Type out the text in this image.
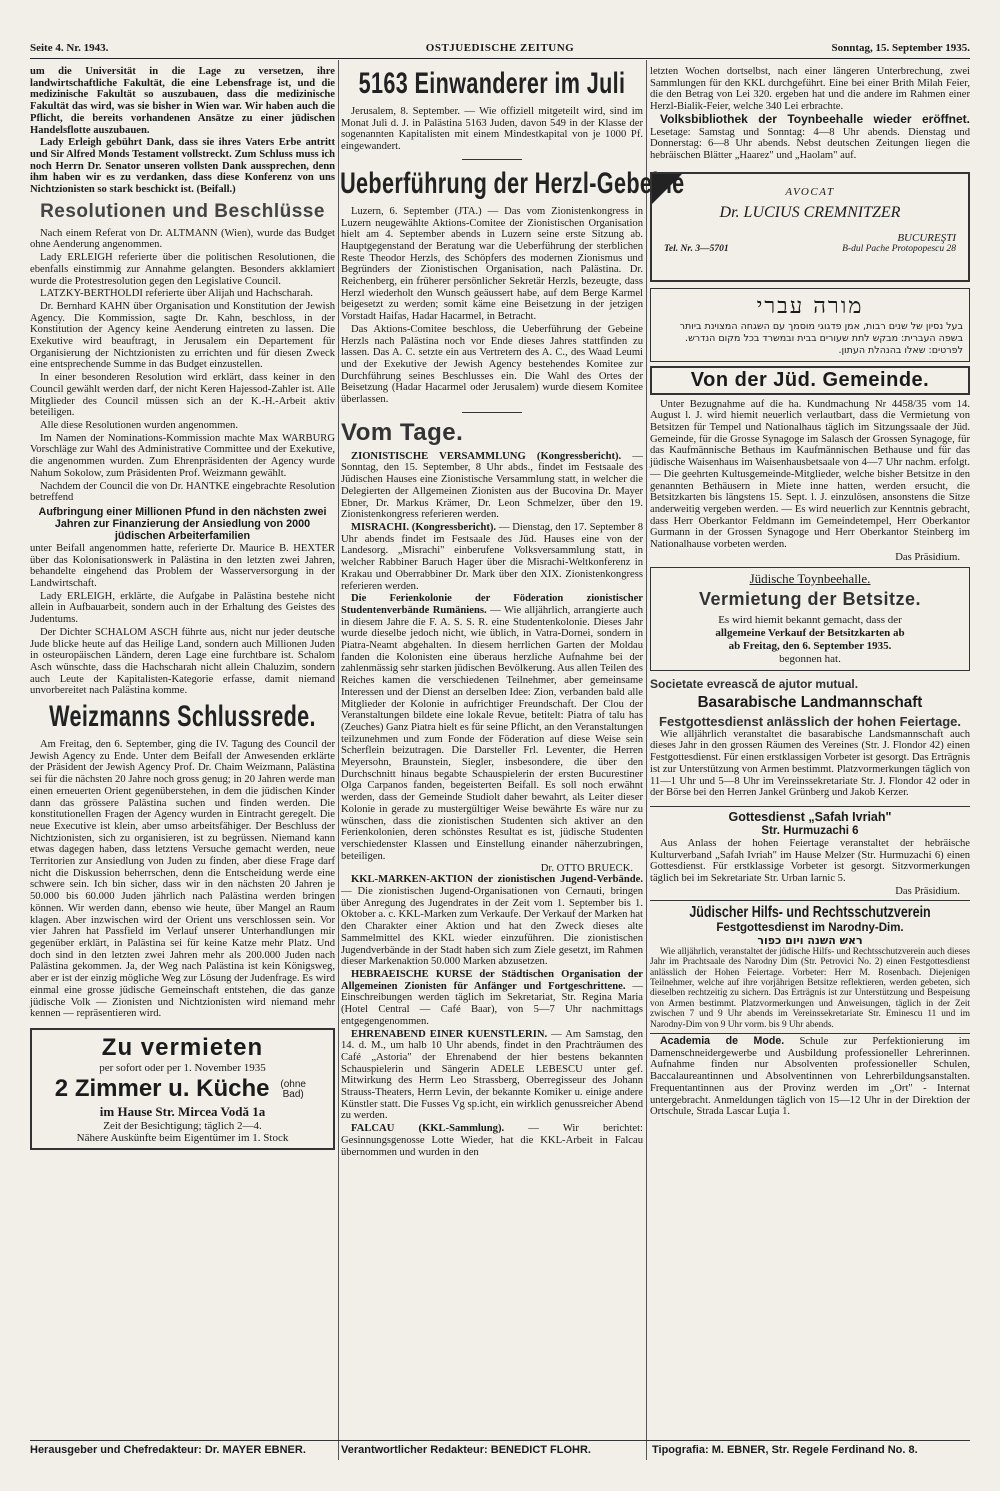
Seite 4. Nr. 1943.	OSTJUEDISCHE ZEITUNG	Sonntag, 15. September 1935.

um die Universität in die Lage zu versetzen, ihre landwirtschaftliche Fakultät, die eine Lebensfrage ist, und die medizinische Fakultät so auszubauen, dass die medizinische Fakultät das wird, was sie bisher in Wien war. Wir haben auch die Pflicht, die bereits vorhandenen Ansätze zu einer jüdischen Handelsflotte auszubauen.

Lady Erleigh gebührt Dank, dass sie ihres Vaters Erbe antritt und Sir Alfred Monds Testament vollstreckt. Zum Schluss muss ich noch Herrn Dr. Senator unseren vollsten Dank aussprechen, denn ihm haben wir es zu verdanken, dass diese Konferenz von uns Nichtzionisten so stark beschickt ist. (Beifall.)

Resolutionen und Beschlüsse

Nach einem Referat von Dr. ALTMANN (Wien), wurde das Budget ohne Aenderung angenommen.

Lady ERLEIGH referierte über die politischen Resolutionen, die ebenfalls einstimmig zur Annahme gelangten. Besonders akklamiert wurde die Protestresolution gegen den Legislative Council.

LATZKY-BERTHOLDI referierte über Alijah und Hachscharah.

Dr. Bernhard KAHN über Organisation und Konstitution der Jewish Agency. Die Kommission, sagte Dr. Kahn, beschloss, in der Konstitution der Agency keine Aenderung eintreten zu lassen. Die Exekutive wird beauftragt, in Jerusalem ein Departement für Organisierung der Nichtzionisten zu errichten und für diesen Zweck eine entsprechende Summe in das Budget einzustellen.

In einer besonderen Resolution wird erklärt, dass keiner in den Council gewählt werden darf, der nicht Keren Hajessod-Zahler ist. Alle Mitglieder des Council müssen sich an der K.-H.-Arbeit aktiv beteiligen.

Alle diese Resolutionen wurden angenommen.

Im Namen der Nominations-Kommission machte Max WARBURG Vorschläge zur Wahl des Administrative Committee und der Exekutive, die angenommen wurden. Zum Ehrenpräsidenten der Agency wurde Nahum Sokolow, zum Präsidenten Prof. Weizmann gewählt.

Nachdem der Council die von Dr. HANTKE eingebrachte Resolution betreffend

Aufbringung einer Millionen Pfund in den nächsten zwei Jahren zur Finanzierung der Ansiedlung von 2000 jüdischen Arbeiterfamilien

unter Beifall angenommen hatte, referierte Dr. Maurice B. HEXTER über das Kolonisationswerk in Palästina in den letzten zwei Jahren, behandelte eingehend das Problem der Wasserversorgung in der Landwirtschaft.

Lady ERLEIGH, erklärte, die Aufgabe in Palästina bestehe nicht allein in Aufbauarbeit, sondern auch in der Erhaltung des Geistes des Judentums.

Der Dichter SCHALOM ASCH führte aus, nicht nur jeder deutsche Jude blicke heute auf das Heilige Land, sondern auch Millionen Juden in osteuropäischen Ländern, deren Lage eine furchtbare ist. Schalom Asch wünschte, dass die Hachscharah nicht allein Chaluzim, sondern auch Leute der Kapitalisten-Kategorie erfasse, damit niemand unvorbereitet nach Palästina komme.

Weizmanns Schlussrede.

Am Freitag, den 6. September, ging die IV. Tagung des Council der Jewish Agency zu Ende. Unter dem Beifall der Anwesenden erklärte der Präsident der Jewish Agency Prof. Dr. Chaim Weizmann, Palästina sei für die nächsten 20 Jahre noch gross genug; in 20 Jahren werde man einen erneuerten Orient gegenüberstehen, in dem die jüdischen Kinder dann das grössere Palästina suchen und finden werden. Die konstitutionellen Fragen der Agency wurden in Eintracht geregelt. Die neue Executive ist klein, aber umso arbeitsfähiger. Der Beschluss der Nichtzionisten, sich zu organisieren, ist zu begrüssen. Niemand kann etwas dagegen haben, dass letztens Versuche gemacht werden, neue Territorien zur Ansiedlung von Juden zu finden, aber diese Frage darf nicht die Diskussion beherrschen, denn die Entscheidung werde eine schwere sein. Ich bin sicher, dass wir in den nächsten 20 Jahren je 50.000 bis 60.000 Juden jährlich nach Palästina werden bringen können. Wir werden dann, ebenso wie heute, über Mangel an Raum klagen. Aber inzwischen wird der Orient uns verschlossen sein. Vor vier Jahren hat Passfield im Verlauf unserer Unterhandlungen mir gegenüber erklärt, in Palästina sei für keine Katze mehr Platz. Und doch sind in den letzten zwei Jahren mehr als 200.000 Juden nach Palästina gekommen. Ja, der Weg nach Palästina ist kein Königsweg, aber er ist der einzig mögliche Weg zur Lösung der Judenfrage. Es wird einmal eine grosse jüdische Gemeinschaft entstehen, die das ganze jüdische Volk — Zionisten und Nichtzionisten wird niemand mehr kennen — repräsentieren wird.

Zu vermieten
per sofort oder per 1. November 1935
2 Zimmer u. Küche (ohne Bad)
im Hause Str. Mircea Vodă 1a
Zeit der Besichtigung; täglich 2—4.
Nähere Auskünfte beim Eigentümer im 1. Stock
5163 Einwanderer im Juli

Jerusalem, 8. September. — Wie offiziell mitgeteilt wird, sind im Monat Juli d. J. in Palästina 5163 Juden, davon 549 in der Klasse der sogenannten Kapitalisten mit einem Mindestkapital von je 1000 Pf. eingewandert.

Ueberführung der Herzl-Gebeine

Luzern, 6. September (JTA.) — Das vom Zionistenkongress in Luzern neugewählte Aktions-Comitee der Zionistischen Organisation hielt am 4. September abends in Luzern seine erste Sitzung ab. Hauptgegenstand der Beratung war die Ueberführung der sterblichen Reste Theodor Herzls, des Schöpfers des modernen Zionismus und Begründers der Zionistischen Organisation, nach Palästina. Dr. Reichenberg, ein früherer persönlicher Sekretär Herzls, bezeugte, dass Herzl wiederholt den Wunsch geäussert habe, auf dem Berge Karmel beigesetzt zu werden; somit käme eine Beisetzung in der jetzigen Vorstadt Haifas, Hadar Hacarmel, in Betracht.

Das Aktions-Comitee beschloss, die Ueberführung der Gebeine Herzls nach Palästina noch vor Ende dieses Jahres stattfinden zu lassen. Das A. C. setzte ein aus Vertretern des A. C., des Waad Leumi und der Exekutive der Jewish Agency bestehendes Komitee zur Durchführung seines Beschlusses ein. Die Wahl des Ortes der Beisetzung (Hadar Hacarmel oder Jerusalem) wurde diesem Komitee überlassen.

Vom Tage.

ZIONISTISCHE VERSAMMLUNG (Kongressbericht). — Sonntag, den 15. September, 8 Uhr abds., findet im Festsaale des Jüdischen Hauses eine Zionistische Versammlung statt, in welcher die Delegierten der Allgemeinen Zionisten aus der Bucovina Dr. Mayer Ebner, Dr. Markus Krämer, Dr. Leon Schmelzer, über den 19. Zionistenkongress referieren werden.

MISRACHI. (Kongressbericht). — Dienstag, den 17. September 8 Uhr abends findet im Festsaale des Jüd. Hauses eine von der Landesorg. „Misrachi" einberufene Volksversammlung statt, in welcher Rabbiner Baruch Hager über die Misrachi-Weltkonferenz in Krakau und Oberrabbiner Dr. Mark über den XIX. Zionistenkongress referieren werden.

Die Ferienkolonie der Föderation zionistischer Studentenverbände Rumäniens. — Wie alljährlich, arrangierte auch in diesem Jahre die F. A. S. S. R. eine Studentenkolonie. Dieses Jahr wurde dieselbe jedoch nicht, wie üblich, in Vatra-Dornei, sondern in Piatra-Neamt abgehalten. In diesem herrlichen Garten der Moldau fanden die Kolonisten eine überaus herzliche Aufnahme bei der zahlenmässig sehr starken jüdischen Bevölkerung. Aus allen Teilen des Reiches kamen die verschiedenen Teilnehmer, aber gemeinsame Interessen und der Dienst an derselben Idee: Zion, verbanden bald alle Mitglieder der Kolonie in aufrichtiger Freundschaft. Der Clou der Veranstaltungen bildete eine lokale Revue, betitelt: Piatra of talu has (Zeuches) Ganz Piatra hielt es für seine Pflicht, an den Veranstaltungen teilzunehmen und zum Fonde der Föderation auf diese Weise sein Scherflein beizutragen. Die Darsteller Frl. Leventer, die Herren Meyersohn, Braunstein, Siegler, insbesondere, die über den Durchschnitt hinaus begabte Schauspielerin der ersten Bucurestiner Olga Carpanos fanden, begeisterten Beifall. Es soll noch erwähnt werden, dass der Gemeinde Studiolt daher bewahrt, als Leiter dieser Kolonie in gerade zu mustergültiger Weise bewährte Es wäre nur zu wünschen, dass die zionistischen Studenten sich aktiver an den Ferienkolonien, deren schönstes Resultat es ist, jüdische Studenten verschiedenster Klassen und Einstellung einander näherzubringen, beteiligen.

Dr. OTTO BRUECK.

KKL-MARKEN-AKTION der zionistischen Jugend-Verbände. — Die zionistischen Jugend-Organisationen von Cernauti, bringen über Anregung des Jugendrates in der Zeit vom 1. September bis 1. Oktober a. c. KKL-Marken zum Verkaufe. Der Verkauf der Marken hat den Charakter einer Aktion und hat den Zweck dieses alte Sammelmittel des KKL wieder einzuführen. Die zionistischen Jugendverbände in der Stadt haben sich zum Ziele gesetzt, im Rahmen dieser Markenaktion 50.000 Marken abzusetzen.

HEBRAEISCHE KURSE der Städtischen Organisation der Allgemeinen Zionisten für Anfänger und Fortgeschrittene. — Einschreibungen werden täglich im Sekretariat, Str. Regina Maria (Hotel Central — Café Baar), von 5—7 Uhr nachmittags entgegengenommen.

EHRENABEND EINER KUENSTLERIN. — Am Samstag, den 14. d. M., um halb 10 Uhr abends, findet in den Prachträumen des Café „Astoria" der Ehrenabend der hier bestens bekannten Schauspielerin und Sängerin ADELE LEBESCU unter gef. Mitwirkung des Herrn Leo Strassberg, Oberregisseur des Johann Strauss-Theaters, Herrn Levin, der bekannte Komiker u. einige andere Künstler statt. Die Fusses Vg sp.icht, ein wirklich genussreicher Abend zu werden.

FALCAU (KKL-Sammlung). — Wir berichtet: Gesinnungsgenosse Lotte Wieder, hat die KKL-Arbeit in Falcau übernommen und wurden in den

letzten Wochen dortselbst, nach einer längeren Unterbrechung, zwei Sammlungen für den KKL durchgeführt. Eine bei einer Brith Milah Feier, die den Betrag von Lei 320. ergeben hat und die andere im Rahmen einer Herzl-Bialik-Feier, welche 340 Lei erbrachte.

Volksbibliothek der Toynbeehalle wieder eröffnet. Lesetage: Samstag und Sonntag: 4—8 Uhr abends. Dienstag und Donnerstag: 6—8 Uhr abends. Nebst deutschen Zeitungen liegen die hebräischen Blätter „Haarez" und „Haolam" auf.

AVOCAT
Dr. LUCIUS CREMNITZER
BUCUREŞTI
B-dul Pache Protopopescu 28
Tel. Nr. 3—5701
מורה עברי
בעל נסיון של שנים רבות, אמן פדגוגי מוסמך עם השגחה המצוינת ביותר בשפה העברית: מבקש לתת שעורים בבית ובמשרד בכל מקום הנדרש. לפרטים: שאלו בהנהלת העתון.
Von der Jüd. Gemeinde.

Unter Bezugnahme auf die ha. Kundmachung Nr 4458/35 vom 14. August l. J. wird hiemit neuerlich verlautbart, dass die Vermietung von Betsitzen für Tempel und Nationalhaus täglich im Sitzungssaale der Jüd. Gemeinde, für die Grosse Synagoge im Salasch der Grossen Synagoge, für das Kaufmännische Bethaus im Kaufmännischen Bethause und für das jüdische Waisenhaus im Waisenhausbetsaale von 4—7 Uhr nachm. erfolgt. — Die geehrten Kultusgemeinde-Mitglieder, welche bisher Betsitze in den genannten Bethäusern in Miete inne hatten, werden ersucht, die Betsitzkarten bis längstens 15. Sept. l. J. einzulösen, ansonstens die Sitze anderweitig vergeben werden. — Es wird neuerlich zur Kenntnis gebracht, dass Herr Oberkantor Feldmann im Gemeindetempel, Herr Oberkantor Gurmann in der Grossen Synagoge und Herr Oberkantor Steinberg im Nationalhause vorbeten werden.

Das Präsidium.
Jüdische Toynbeehalle.
Vermietung der Betsitze.
Es wird hiemit bekannt gemacht, dass der
allgemeine Verkauf der Betsitzkarten ab
ab Freitag, den 6. September 1935.
begonnen hat.
Societate evreascǎ de ajutor mutual.
Basarabische Landmannschaft
Festgottesdienst anlässlich der hohen Feiertage.

Wie alljährlich veranstaltet die basarabische Landsmannschaft auch dieses Jahr in den grossen Räumen des Vereines (Str. J. Flondor 42) einen Festgottesdienst. Für einen erstklassigen Vorbeter ist gesorgt. Das Erträgnis ist zur Unterstützung von Armen bestimmt. Platzvormerkungen täglich von 11—1 Uhr und 5—8 Uhr im Vereinssekretariate Str. J. Flondor 42 oder in der Börse bei den Herren Jankel Grünberg und Jakob Kerzer.

Gottesdienst „Safah Ivriah"
Str. Hurmuzachi 6

Aus Anlass der hohen Feiertage veranstaltet der hebräische Kulturverband „Safah Ivriah" im Hause Melzer (Str. Hurmuzachi 6) einen Gottesdienst. Für erstklassige Vorbeter ist gesorgt. Sitzvormerkungen täglich bei im Sekretariate Str. Urban Iarnic 5.

Das Präsidium.
Jüdischer Hilfs- und Rechtsschutzverein
Festgottesdienst im Narodny-Dim.
ראש השנה ויום כפור

Wie alljährlich, veranstaltet der jüdische Hilfs- und Rechtsschutzverein auch dieses Jahr im Prachtsaale des Narodny Dim (Str. Petrovici No. 2) einen Festgottesdienst anlässlich der Hohen Feiertage. Vorbeter: Herr M. Rosenbach. Diejenigen Teilnehmer, welche auf ihre vorjährigen Betsitze reflektieren, werden gebeten, sich dieselben rechtzeitig zu sichern. Das Erträgnis ist zur Unterstützung und Bespeisung von Armen bestimmt. Platzvormerkungen und Anweisungen, täglich in der Zeit zwischen 7 und 9 Uhr abends im Vereinssekretariate Str. Eminescu 11 und im Narodny-Dim von 9 Uhr vorm. bis 9 Uhr abends.

Academia de Mode. Schule zur Perfektionierung im Damenschneidergewerbe und Ausbildung professioneller Lehrerinnen. Aufnahme finden nur Absolventen professioneller Schulen, Baccalaureantinnen und Absolventinnen von Lehrerbildungsanstalten. Frequentantinnen aus der Provinz werden im „Ort" - Internat untergebracht. Anmeldungen täglich von 15—12 Uhr in der Direktion der Ortschule, Strada Lascar Luţia 1.

Herausgeber und Chefredakteur: Dr. MAYER EBNER.	Verantwortlicher Redakteur: BENEDICT FLOHR.	Tipografia: M. EBNER, Str. Regele Ferdinand No. 8.
